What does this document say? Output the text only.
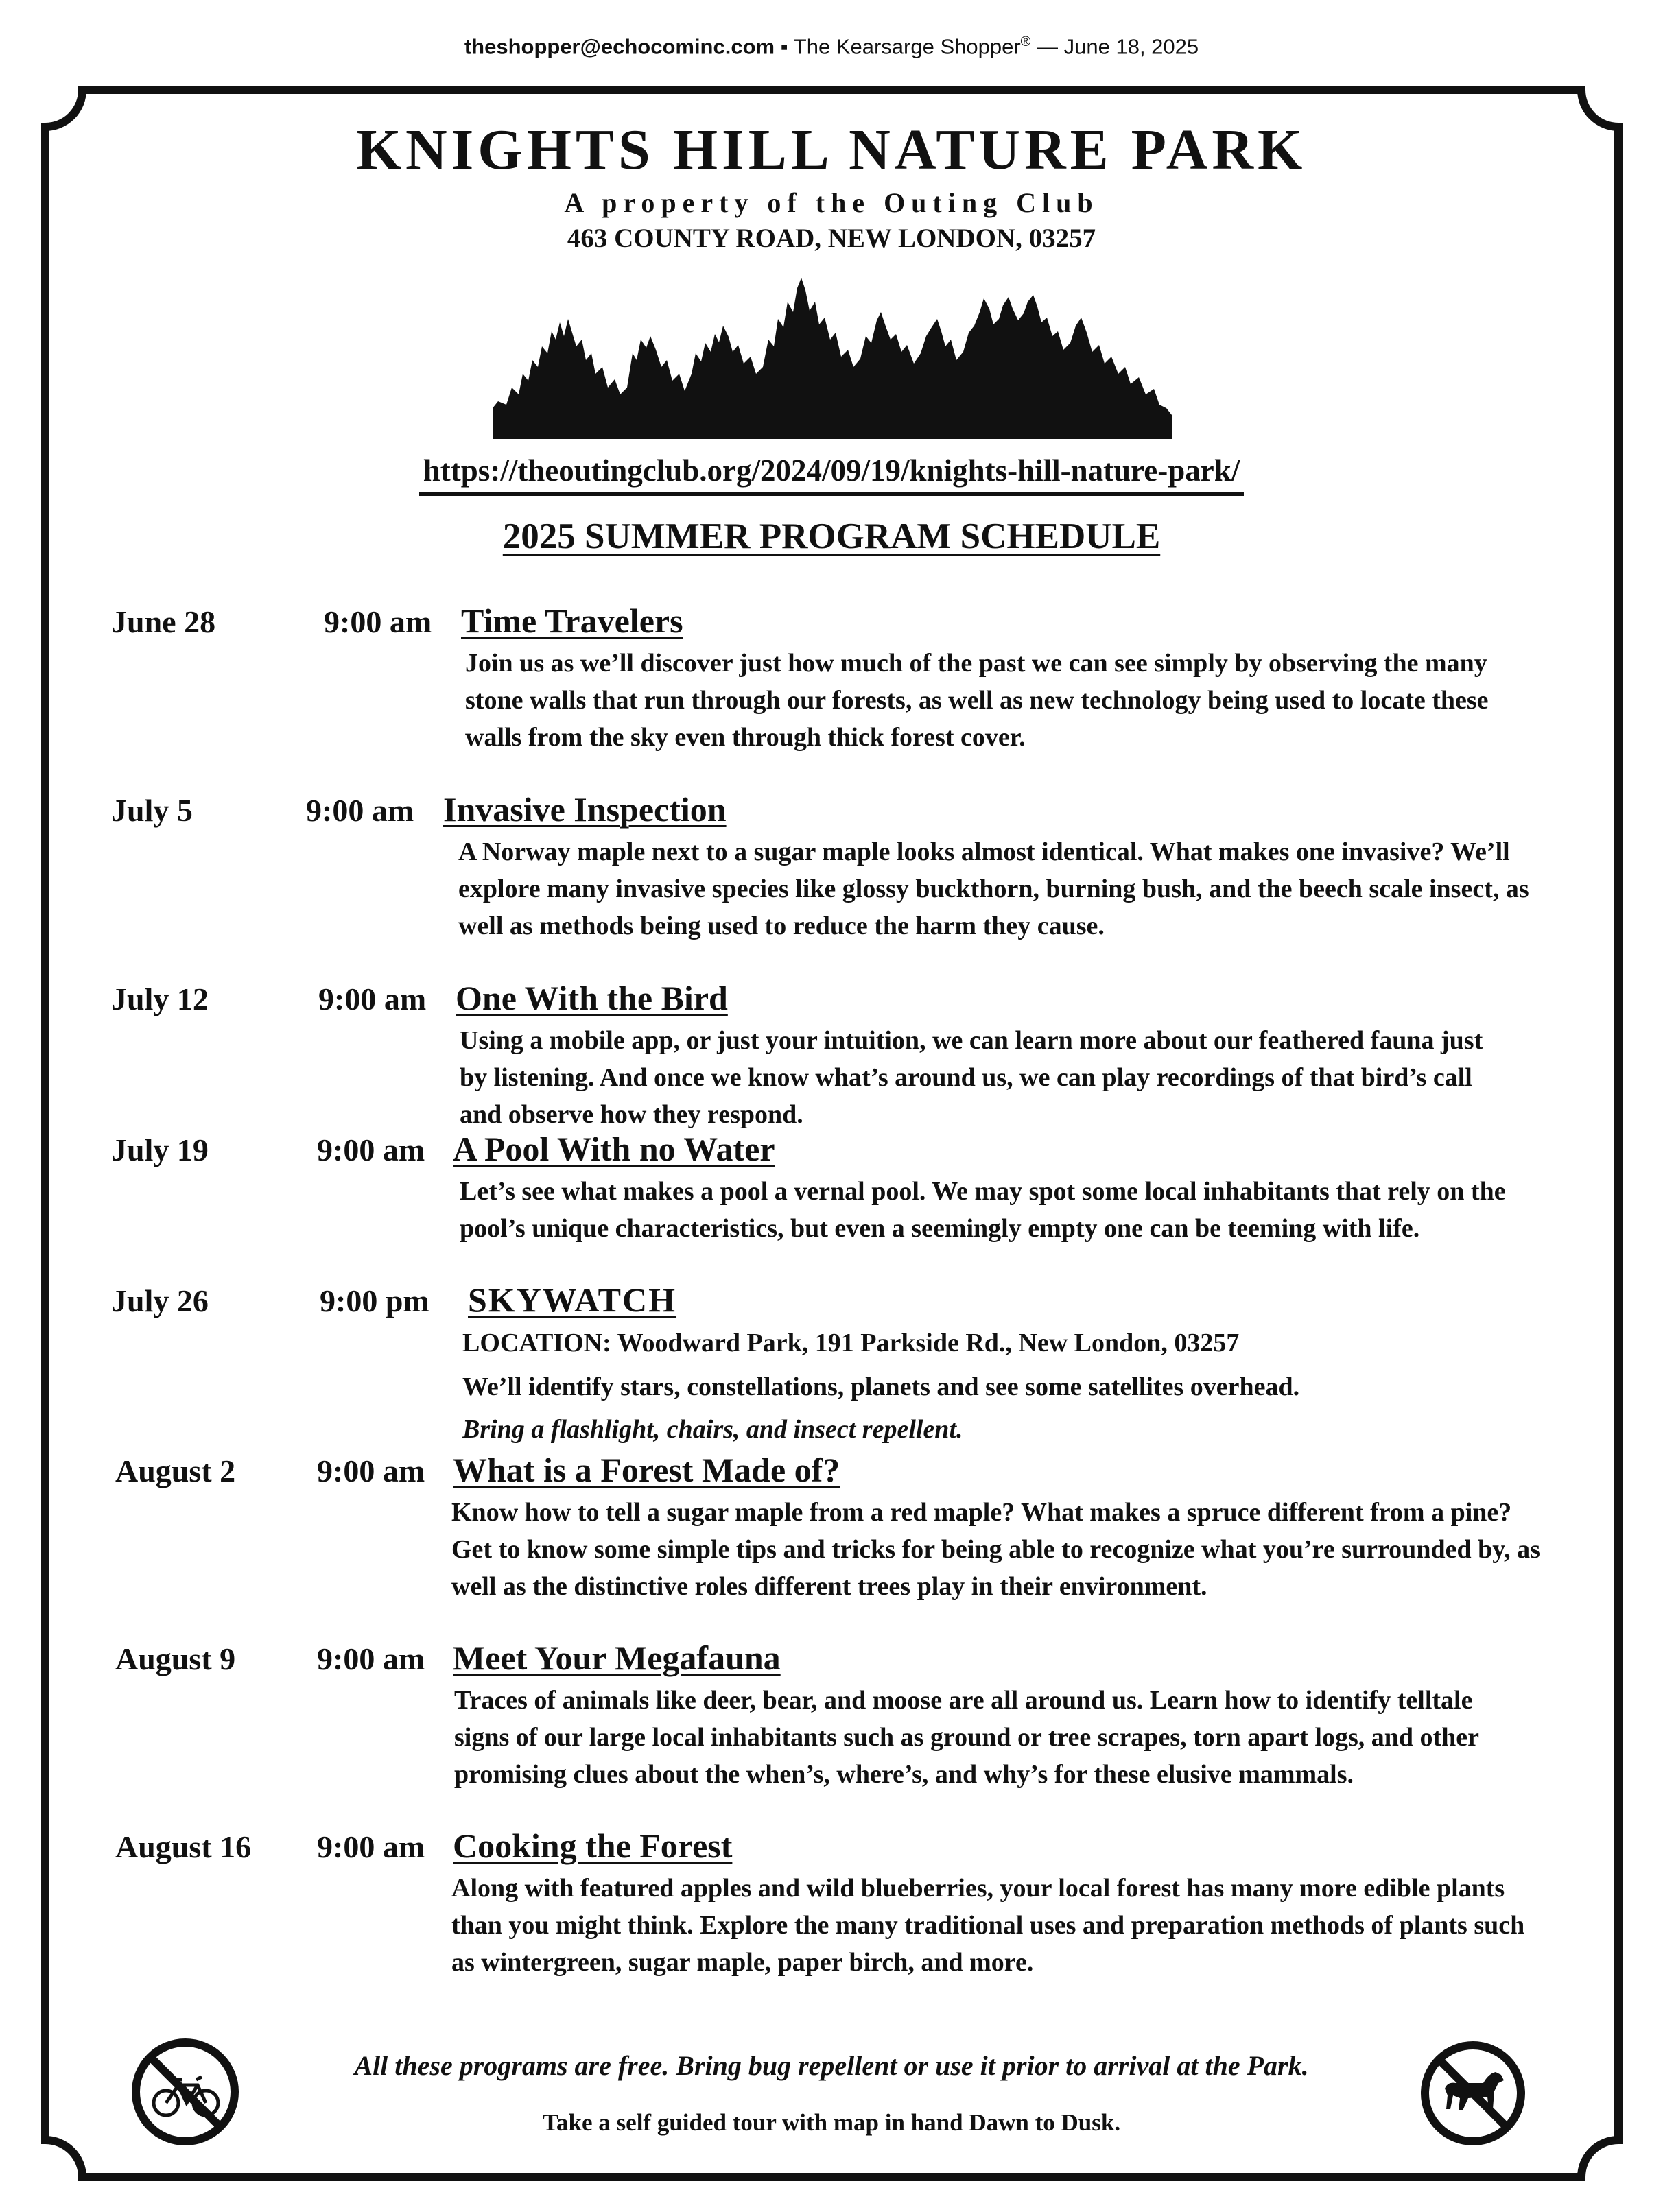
theshopper@echocominc.com ▪ The Kearsarge Shopper® — June 18, 2025
KNIGHTS HILL NATURE PARK
A property of the Outing Club
463 COUNTY ROAD, NEW LONDON, 03257
https://theoutingclub.org/2024/09/19/knights-hill-nature-park/
2025 SUMMER PROGRAM SCHEDULE
June 28	9:00 am Time Travelers
Join us as we’ll discover just how much of the past we can see simply by observing the many stone walls that run through our forests, as well as new technology being used to locate these walls from the sky even through thick forest cover.
July 5	9:00 am Invasive Inspection
A Norway maple next to a sugar maple looks almost identical. What makes one invasive? We’ll explore many invasive species like glossy buckthorn, burning bush, and the beech scale insect, as well as methods being used to reduce the harm they cause.
July 12	9:00 am One With the Bird
Using a mobile app, or just your intuition, we can learn more about our feathered fauna just by listening. And once we know what’s around us, we can play recordings of that bird’s call and observe how they respond.
July 19	9:00 am A Pool With no Water
Let’s see what makes a pool a vernal pool. We may spot some local inhabitants that rely on the pool’s unique characteristics, but even a seemingly empty one can be teeming with life.
July 26	9:00 pm SKYWATCH
LOCATION: Woodward Park, 191 Parkside Rd., New London, 03257
We’ll identify stars, constellations, planets and see some satellites overhead.
Bring a flashlight, chairs, and insect repellent.
August 2	9:00 am What is a Forest Made of?
Know how to tell a sugar maple from a red maple? What makes a spruce different from a pine? Get to know some simple tips and tricks for being able to recognize what you’re surrounded by, as well as the distinctive roles different trees play in their environment.
August 9	9:00 am Meet Your Megafauna
Traces of animals like deer, bear, and moose are all around us. Learn how to identify telltale signs of our large local inhabitants such as ground or tree scrapes, torn apart logs, and other promising clues about the when’s, where’s, and why’s for these elusive mammals.
August 16 9:00 am Cooking the Forest
Along with featured apples and wild blueberries, your local forest has many more edible plants than you might think. Explore the many traditional uses and preparation methods of plants such as wintergreen, sugar maple, paper birch, and more.
All these programs are free. Bring bug repellent or use it prior to arrival at the Park.
Take a self guided tour with map in hand Dawn to Dusk.
